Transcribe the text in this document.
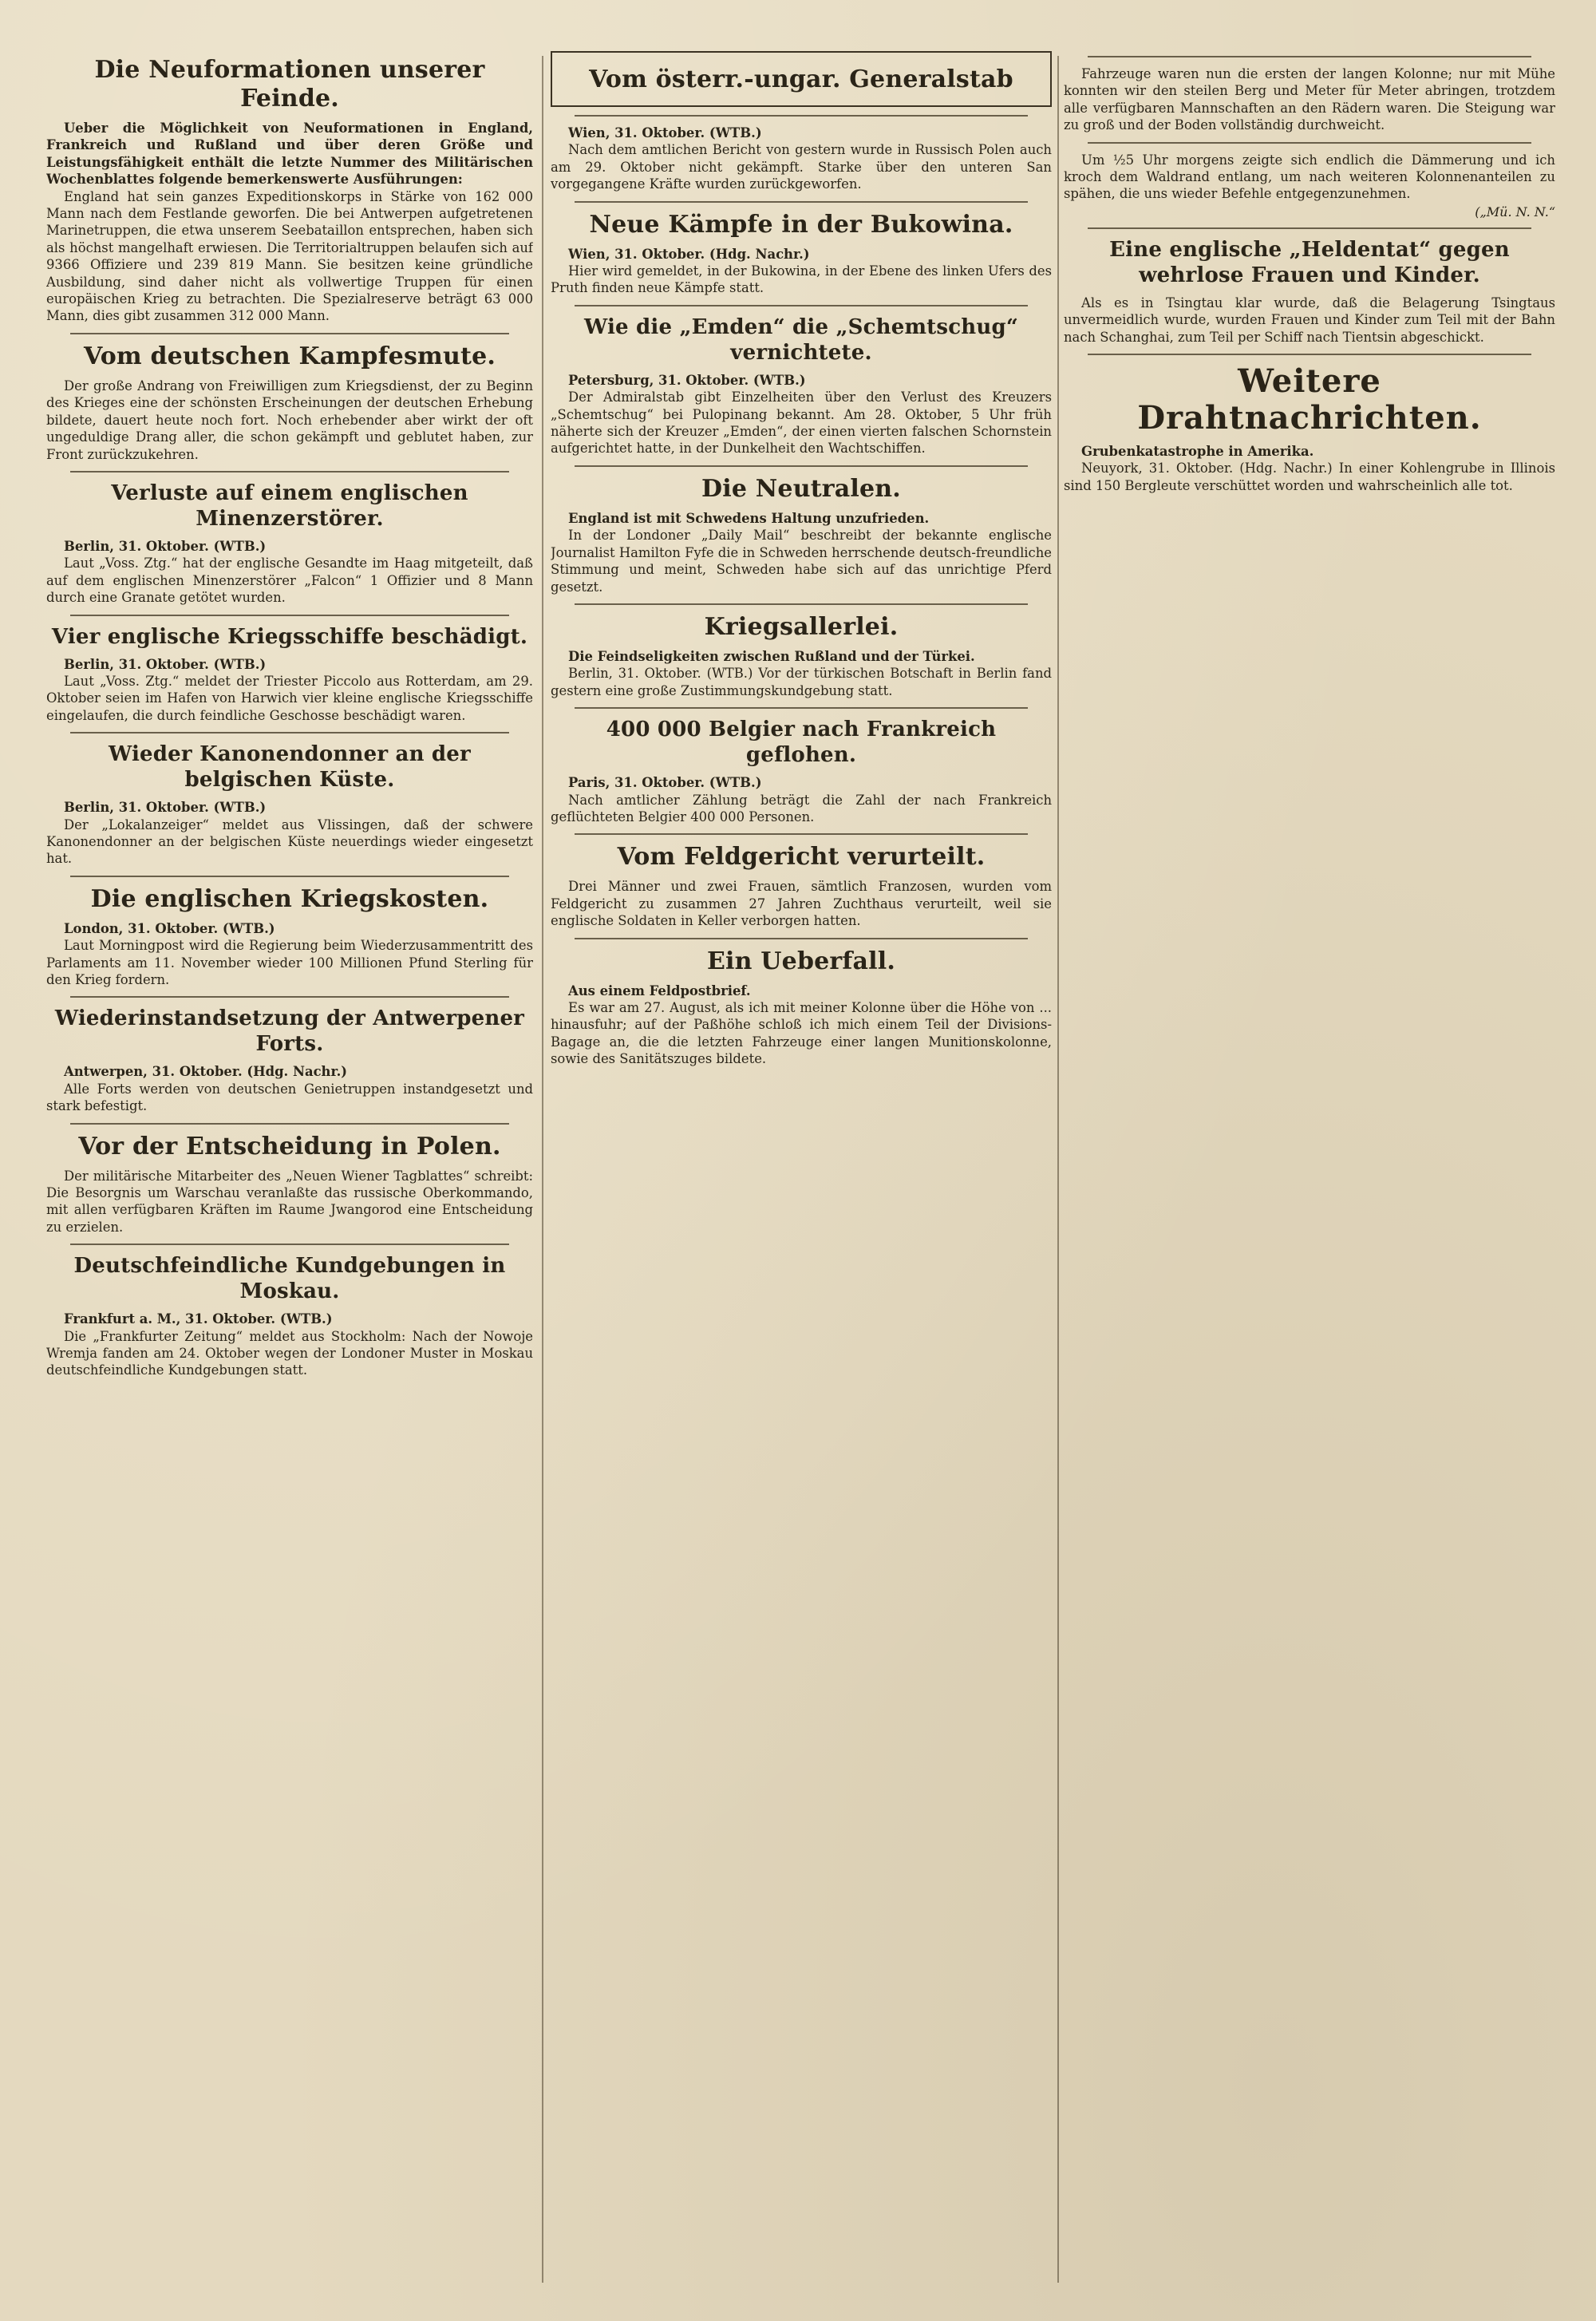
Die Neuformationen unserer Feinde.

Ueber die Möglichkeit von Neuformationen in England, Frankreich und Rußland und über deren Größe und Leistungsfähigkeit enthält die letzte Nummer des Militärischen Wochenblattes folgende bemerkenswerte Ausführungen:

England hat sein ganzes Expeditionskorps in Stärke von 162 000 Mann nach dem Festlande geworfen. Die bei Antwerpen aufgetretenen Marinetruppen, die etwa unserem Seebataillon entsprechen, haben sich als höchst mangelhaft erwiesen. Die Territorialtruppen belaufen sich auf 9366 Offiziere und 239 819 Mann. Sie besitzen keine gründliche Ausbildung, sind daher nicht als vollwertige Truppen für einen europäischen Krieg zu betrachten. Die Spezialreserve beträgt 63 000 Mann, dies gibt zusammen 312 000 Mann.

Vom deutschen Kampfesmute.

Der große Andrang von Freiwilligen zum Kriegsdienst, der zu Beginn des Krieges eine der schönsten Erscheinungen der deutschen Erhebung bildete, dauert heute noch fort. Noch erhebender aber wirkt der oft ungeduldige Drang aller, die schon gekämpft und geblutet haben, zur Front zurückzukehren.

Verluste auf einem englischen Minenzerstörer.

Berlin, 31. Oktober. (WTB.)

Laut „Voss. Ztg.“ hat der englische Gesandte im Haag mitgeteilt, daß auf dem englischen Minenzerstörer „Falcon“ 1 Offizier und 8 Mann durch eine Granate getötet wurden.

Vier englische Kriegsschiffe beschädigt.

Berlin, 31. Oktober. (WTB.)

Laut „Voss. Ztg.“ meldet der Triester Piccolo aus Rotterdam, am 29. Oktober seien im Hafen von Harwich vier kleine englische Kriegsschiffe eingelaufen, die durch feindliche Geschosse beschädigt waren.

Wieder Kanonendonner an der belgischen Küste.

Berlin, 31. Oktober. (WTB.)

Der „Lokalanzeiger“ meldet aus Vlissingen, daß der schwere Kanonendonner an der belgischen Küste neuerdings wieder eingesetzt hat.

Die englischen Kriegskosten.

London, 31. Oktober. (WTB.)

Laut Morningpost wird die Regierung beim Wiederzusammentritt des Parlaments am 11. November wieder 100 Millionen Pfund Sterling für den Krieg fordern.

Wiederinstandsetzung der Antwerpener Forts.

Antwerpen, 31. Oktober. (Hdg. Nachr.)

Alle Forts werden von deutschen Genietruppen instandgesetzt und stark befestigt.

Vor der Entscheidung in Polen.

Der militärische Mitarbeiter des „Neuen Wiener Tagblattes“ schreibt: Die Besorgnis um Warschau veranlaßte das russische Oberkommando, mit allen verfügbaren Kräften im Raume Jwangorod eine Entscheidung zu erzielen.

Deutschfeindliche Kundgebungen in Moskau.

Frankfurt a. M., 31. Oktober. (WTB.)

Die „Frankfurter Zeitung“ meldet aus Stockholm: Nach der Nowoje Wremja fanden am 24. Oktober wegen der Londoner Muster in Moskau deutschfeindliche Kundgebungen statt.

Vom österr.-ungar. Generalstab

Wien, 31. Oktober. (WTB.)

Nach dem amtlichen Bericht von gestern wurde in Russisch Polen auch am 29. Oktober nicht gekämpft. Starke über den unteren San vorgegangene Kräfte wurden zurückgeworfen.

Neue Kämpfe in der Bukowina.

Wien, 31. Oktober. (Hdg. Nachr.)

Hier wird gemeldet, in der Bukowina, in der Ebene des linken Ufers des Pruth finden neue Kämpfe statt.

Wie die „Emden“ die „Schemtschug“ vernichtete.

Petersburg, 31. Oktober. (WTB.)

Der Admiralstab gibt Einzelheiten über den Verlust des Kreuzers „Schemtschug“ bei Pulopinang bekannt. Am 28. Oktober, 5 Uhr früh näherte sich der Kreuzer „Emden“, der einen vierten falschen Schornstein aufgerichtet hatte, in der Dunkelheit den Wachtschiffen.

Die Neutralen.

England ist mit Schwedens Haltung unzufrieden.

In der Londoner „Daily Mail“ beschreibt der bekannte englische Journalist Hamilton Fyfe die in Schweden herrschende deutsch-freundliche Stimmung und meint, Schweden habe sich auf das unrichtige Pferd gesetzt.

Kriegsallerlei.

Die Feindseligkeiten zwischen Rußland und der Türkei.

Berlin, 31. Oktober. (WTB.) Vor der türkischen Botschaft in Berlin fand gestern eine große Zustimmungskundgebung statt.

400 000 Belgier nach Frankreich geflohen.

Paris, 31. Oktober. (WTB.)

Nach amtlicher Zählung beträgt die Zahl der nach Frankreich geflüchteten Belgier 400 000 Personen.

Vom Feldgericht verurteilt.

Drei Männer und zwei Frauen, sämtlich Franzosen, wurden vom Feldgericht zu zusammen 27 Jahren Zuchthaus verurteilt, weil sie englische Soldaten in Keller verborgen hatten.

Ein Ueberfall.

Aus einem Feldpostbrief.

Es war am 27. August, als ich mit meiner Kolonne über die Höhe von ... hinausfuhr; auf der Paßhöhe schloß ich mich einem Teil der Divisions-Bagage an, die die letzten Fahrzeuge einer langen Munitionskolonne, sowie des Sanitätszuges bildete.

Fahrzeuge waren nun die ersten der langen Kolonne; nur mit Mühe konnten wir den steilen Berg und Meter für Meter abringen, trotzdem alle verfügbaren Mannschaften an den Rädern waren. Die Steigung war zu groß und der Boden vollständig durchweicht.

Um ½5 Uhr morgens zeigte sich endlich die Dämmerung und ich kroch dem Waldrand entlang, um nach weiteren Kolonnenanteilen zu spähen, die uns wieder Befehle entgegenzunehmen.

(„Mü. N. N.“
Eine englische „Heldentat“ gegen wehrlose Frauen und Kinder.

Als es in Tsingtau klar wurde, daß die Belagerung Tsingtaus unvermeidlich wurde, wurden Frauen und Kinder zum Teil mit der Bahn nach Schanghai, zum Teil per Schiff nach Tientsin abgeschickt.

Weitere Drahtnachrichten.

Grubenkatastrophe in Amerika.

Neuyork, 31. Oktober. (Hdg. Nachr.) In einer Kohlengrube in Illinois sind 150 Bergleute verschüttet worden und wahrscheinlich alle tot.
